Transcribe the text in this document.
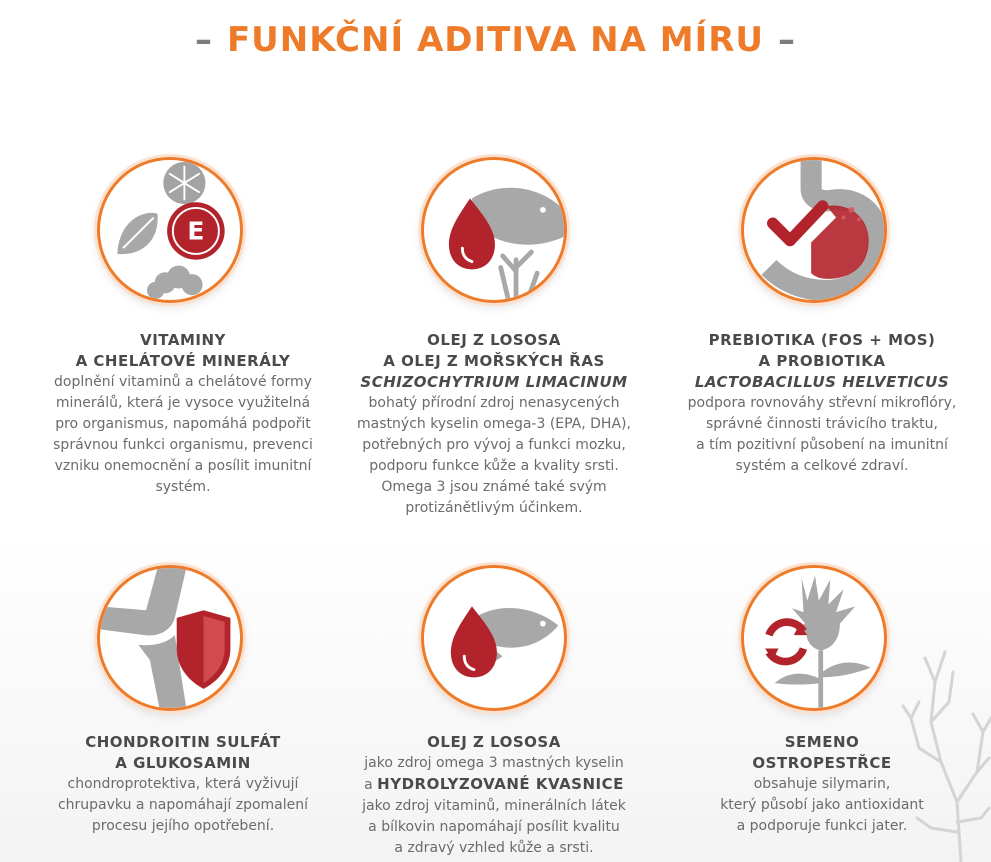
– FUNKČNÍ ADITIVA NA MÍRU –
E
VITAMINY
A CHELÁTOVÉ MINERÁLY
doplnění vitaminů a chelátové formy
minerálů, která je vysoce využitelná
pro organismus, napomáhá podpořit
správnou funkci organismu, prevenci
vzniku onemocnění a posílit imunitní
systém.
OLEJ Z LOSOSA
A OLEJ Z MOŘSKÝCH ŘAS
SCHIZOCHYTRIUM LIMACINUM
bohatý přírodní zdroj nenasycených
mastných kyselin omega-3 (EPA, DHA),
potřebných pro vývoj a funkci mozku,
podporu funkce kůže a kvality srsti.
Omega 3 jsou známé také svým
protizánětlivým účinkem.
PREBIOTIKA (FOS + MOS)
A PROBIOTIKA
LACTOBACILLUS HELVETICUS
podpora rovnováhy střevní mikroflóry,
správné činnosti trávicího traktu,
a tím pozitivní působení na imunitní
systém a celkové zdraví.
CHONDROITIN SULFÁT
A GLUKOSAMIN
chondroprotektiva, která vyživují
chrupavku a napomáhají zpomalení
procesu jejího opotřebení.
OLEJ Z LOSOSA
jako zdroj omega 3 mastných kyselin
a HYDROLYZOVANÉ KVASNICE
jako zdroj vitaminů, minerálních látek
a bílkovin napomáhají posílit kvalitu
a zdravý vzhled kůže a srsti.
SEMENO
OSTROPESTŘCE
obsahuje silymarin,
který působí jako antioxidant
a podporuje funkci jater.
